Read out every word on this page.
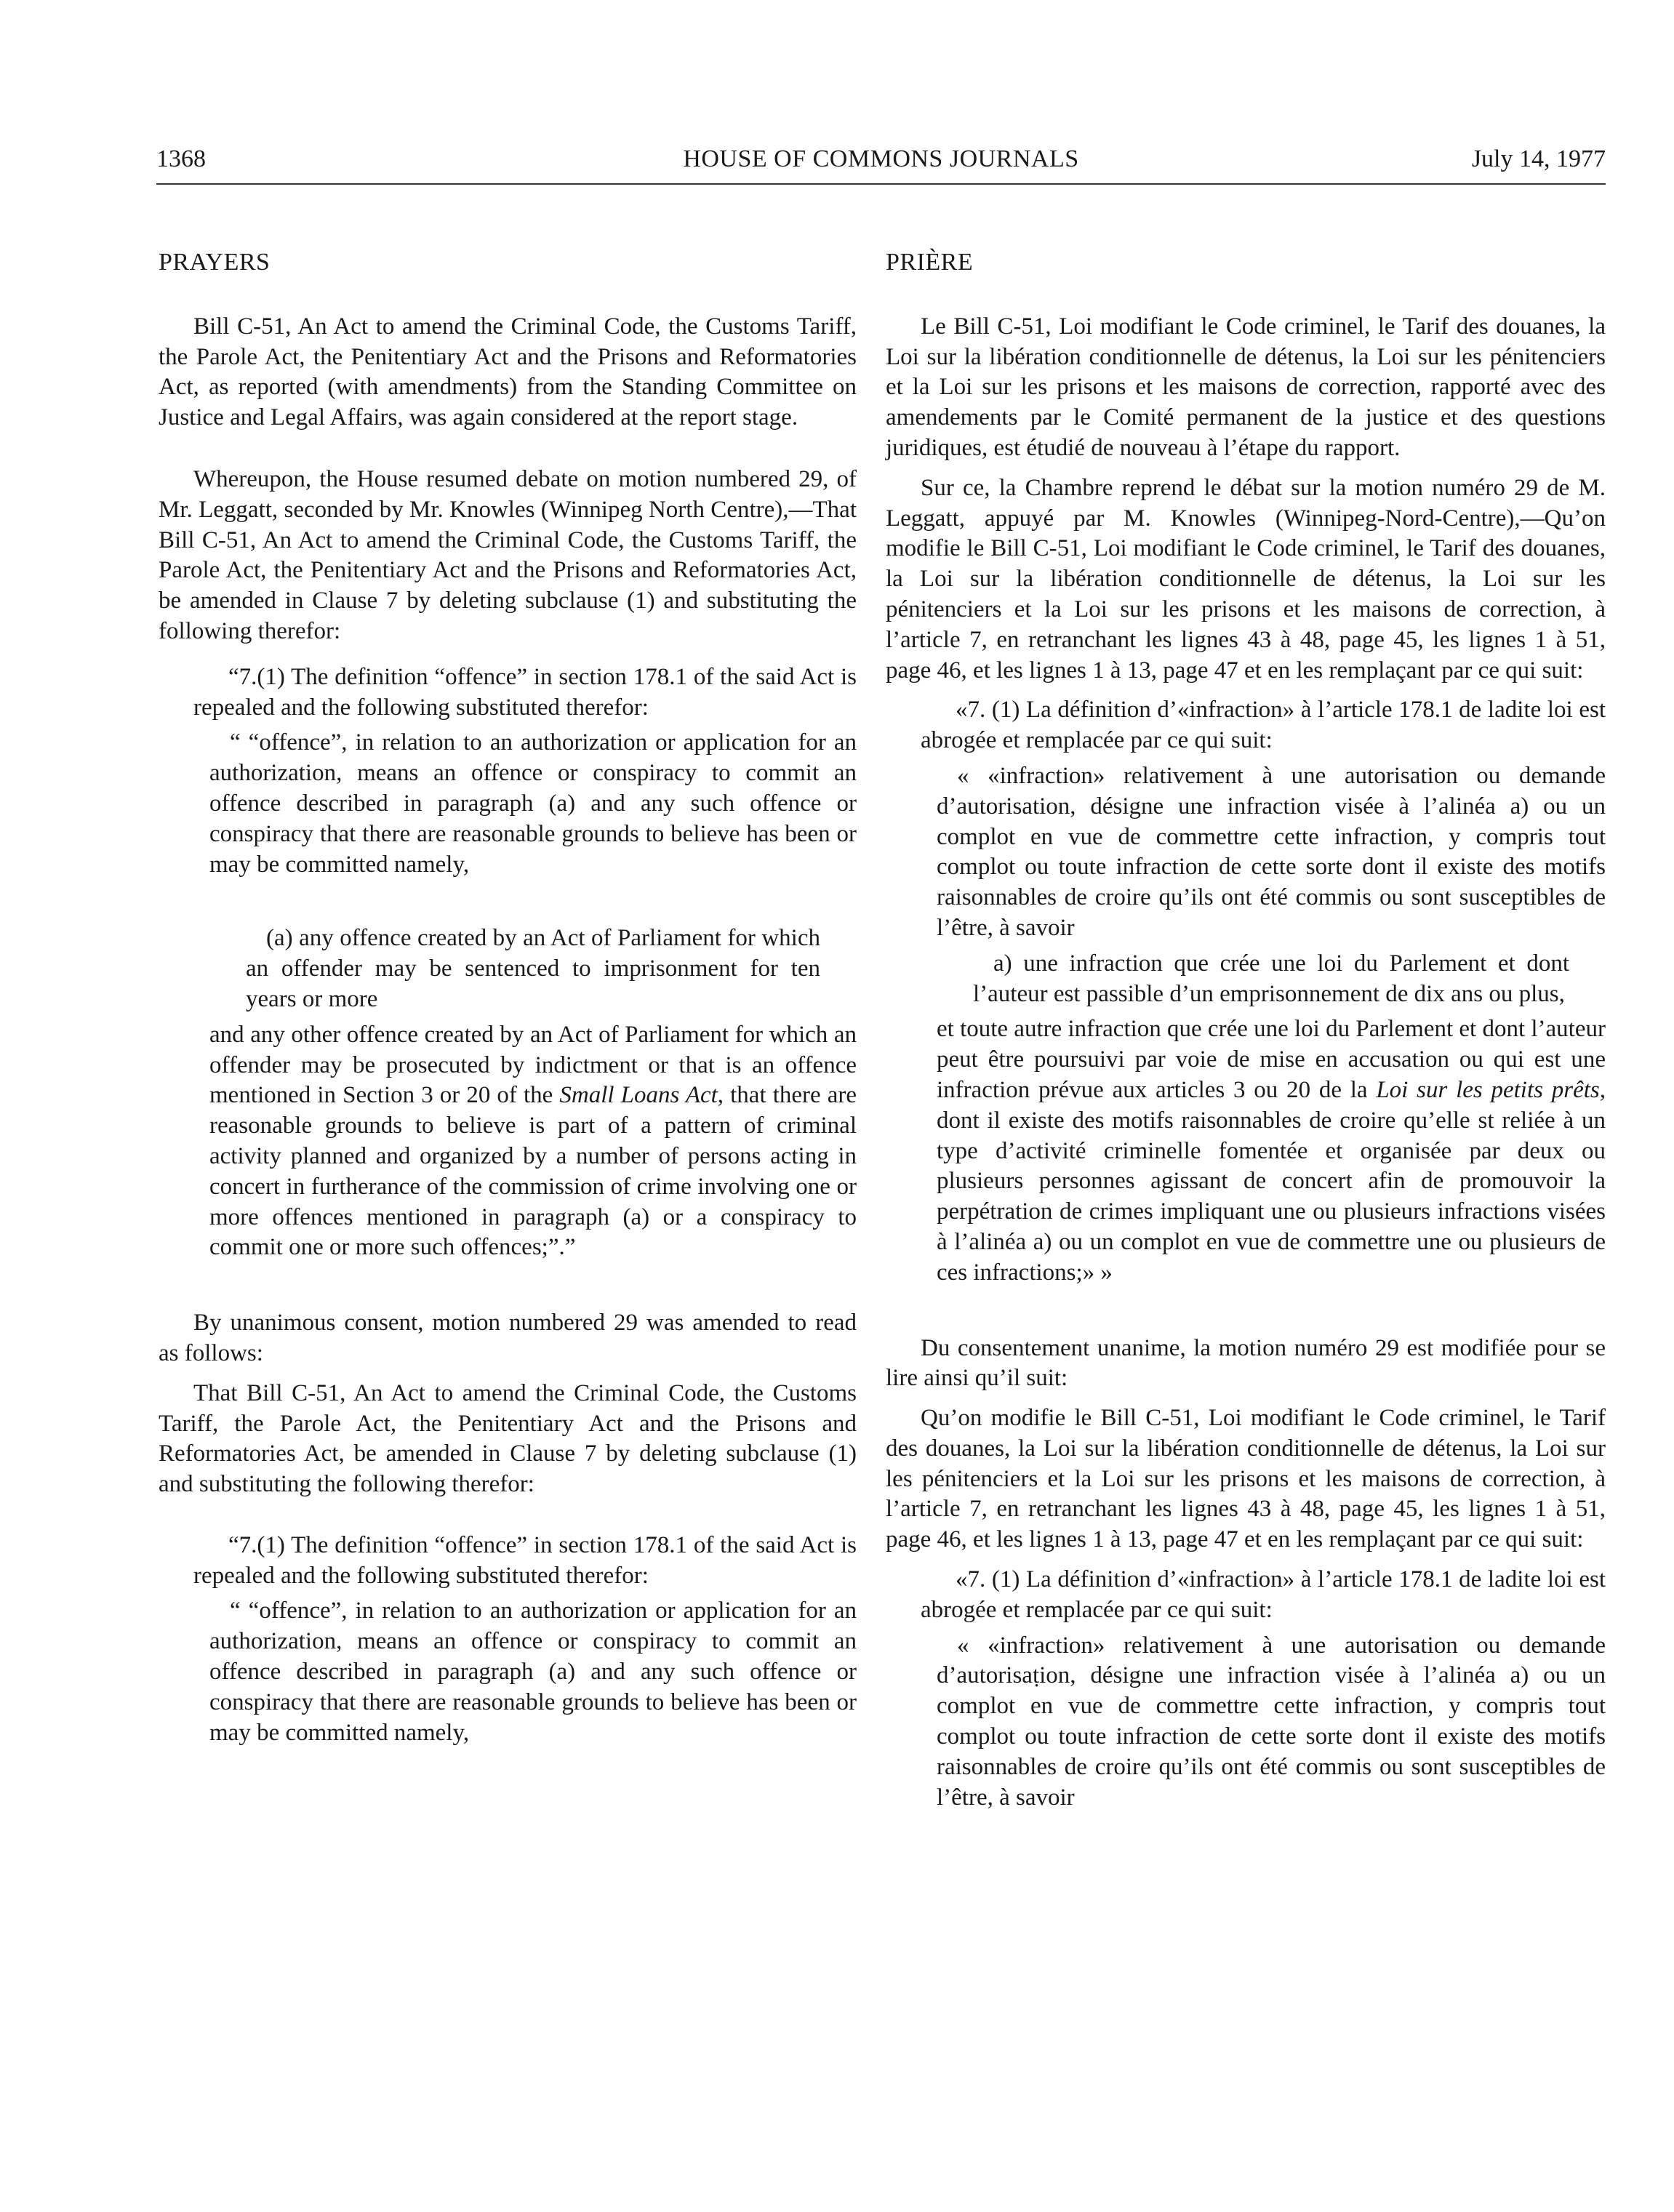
1368	HOUSE OF COMMONS JOURNALS	July 14, 1977

PRAYERS

Bill C-51, An Act to amend the Criminal Code, the Customs Tariff, the Parole Act, the Penitentiary Act and the Prisons and Reformatories Act, as reported (with amendments) from the Standing Committee on Justice and Legal Affairs, was again considered at the report stage.

Whereupon, the House resumed debate on motion numbered 29, of Mr. Leggatt, seconded by Mr. Knowles (Winnipeg North Centre),—That Bill C-51, An Act to amend the Criminal Code, the Customs Tariff, the Parole Act, the Penitentiary Act and the Prisons and Reformatories Act, be amended in Clause 7 by deleting subclause (1) and substituting the following therefor:

“7.(1) The definition “offence” in section 178.1 of the said Act is repealed and the following substituted therefor:

“ “offence”, in relation to an authorization or application for an authorization, means an offence or conspiracy to commit an offence described in paragraph (a) and any such offence or conspiracy that there are reasonable grounds to believe has been or may be committed namely,

(a) any offence created by an Act of Parliament for which an offender may be sentenced to imprisonment for ten years or more

and any other offence created by an Act of Parliament for which an offender may be prosecuted by indictment or that is an offence mentioned in Section 3 or 20 of the Small Loans Act, that there are reasonable grounds to believe is part of a pattern of criminal activity planned and organized by a number of persons acting in concert in furtherance of the commission of crime involving one or more offences mentioned in paragraph (a) or a conspiracy to commit one or more such offences;”.”

By unanimous consent, motion numbered 29 was amended to read as follows:

That Bill C-51, An Act to amend the Criminal Code, the Customs Tariff, the Parole Act, the Penitentiary Act and the Prisons and Reformatories Act, be amended in Clause 7 by deleting subclause (1) and substituting the following therefor:

“7.(1) The definition “offence” in section 178.1 of the said Act is repealed and the following substituted therefor:

“ “offence”, in relation to an authorization or application for an authorization, means an offence or conspiracy to commit an offence described in paragraph (a) and any such offence or conspiracy that there are reasonable grounds to believe has been or may be committed namely,

PRIÈRE

Le Bill C-51, Loi modifiant le Code criminel, le Tarif des douanes, la Loi sur la libération conditionnelle de détenus, la Loi sur les pénitenciers et la Loi sur les prisons et les maisons de correction, rapporté avec des amendements par le Comité permanent de la justice et des questions juridiques, est étudié de nouveau à l’étape du rapport.

Sur ce, la Chambre reprend le débat sur la motion numéro 29 de M. Leggatt, appuyé par M. Knowles (Winnipeg-Nord-Centre),—Qu’on modifie le Bill C-51, Loi modifiant le Code criminel, le Tarif des douanes, la Loi sur la libération conditionnelle de détenus, la Loi sur les pénitenciers et la Loi sur les prisons et les maisons de correction, à l’article 7, en retranchant les lignes 43 à 48, page 45, les lignes 1 à 51, page 46, et les lignes 1 à 13, page 47 et en les remplaçant par ce qui suit:

«7. (1) La définition d’«infraction» à l’article 178.1 de ladite loi est abrogée et remplacée par ce qui suit:

« «infraction» relativement à une autorisation ou demande d’autorisation, désigne une infraction visée à l’alinéa a) ou un complot en vue de commettre cette infraction, y compris tout complot ou toute infraction de cette sorte dont il existe des motifs raisonnables de croire qu’ils ont été commis ou sont susceptibles de l’être, à savoir

a) une infraction que crée une loi du Parlement et dont l’auteur est passible d’un emprisonnement de dix ans ou plus,

et toute autre infraction que crée une loi du Parlement et dont l’auteur peut être poursuivi par voie de mise en accusation ou qui est une infraction prévue aux articles 3 ou 20 de la Loi sur les petits prêts, dont il existe des motifs raisonnables de croire qu’elle st reliée à un type d’activité criminelle fomentée et organisée par deux ou plusieurs personnes agissant de concert afin de promouvoir la perpétration de crimes impliquant une ou plusieurs infractions visées à l’alinéa a) ou un complot en vue de commettre une ou plusieurs de ces infractions;» »

Du consentement unanime, la motion numéro 29 est modifiée pour se lire ainsi qu’il suit:

Qu’on modifie le Bill C-51, Loi modifiant le Code criminel, le Tarif des douanes, la Loi sur la libération conditionnelle de détenus, la Loi sur les pénitenciers et la Loi sur les prisons et les maisons de correction, à l’article 7, en retranchant les lignes 43 à 48, page 45, les lignes 1 à 51, page 46, et les lignes 1 à 13, page 47 et en les remplaçant par ce qui suit:

«7. (1) La définition d’«infraction» à l’article 178.1 de ladite loi est abrogée et remplacée par ce qui suit:

« «infraction» relativement à une autorisation ou demande d’autorisaṭion, désigne une infraction visée à l’alinéa a) ou un complot en vue de commettre cette infraction, y compris tout complot ou toute infraction de cette sorte dont il existe des motifs raisonnables de croire qu’ils ont été commis ou sont susceptibles de l’être, à savoir
